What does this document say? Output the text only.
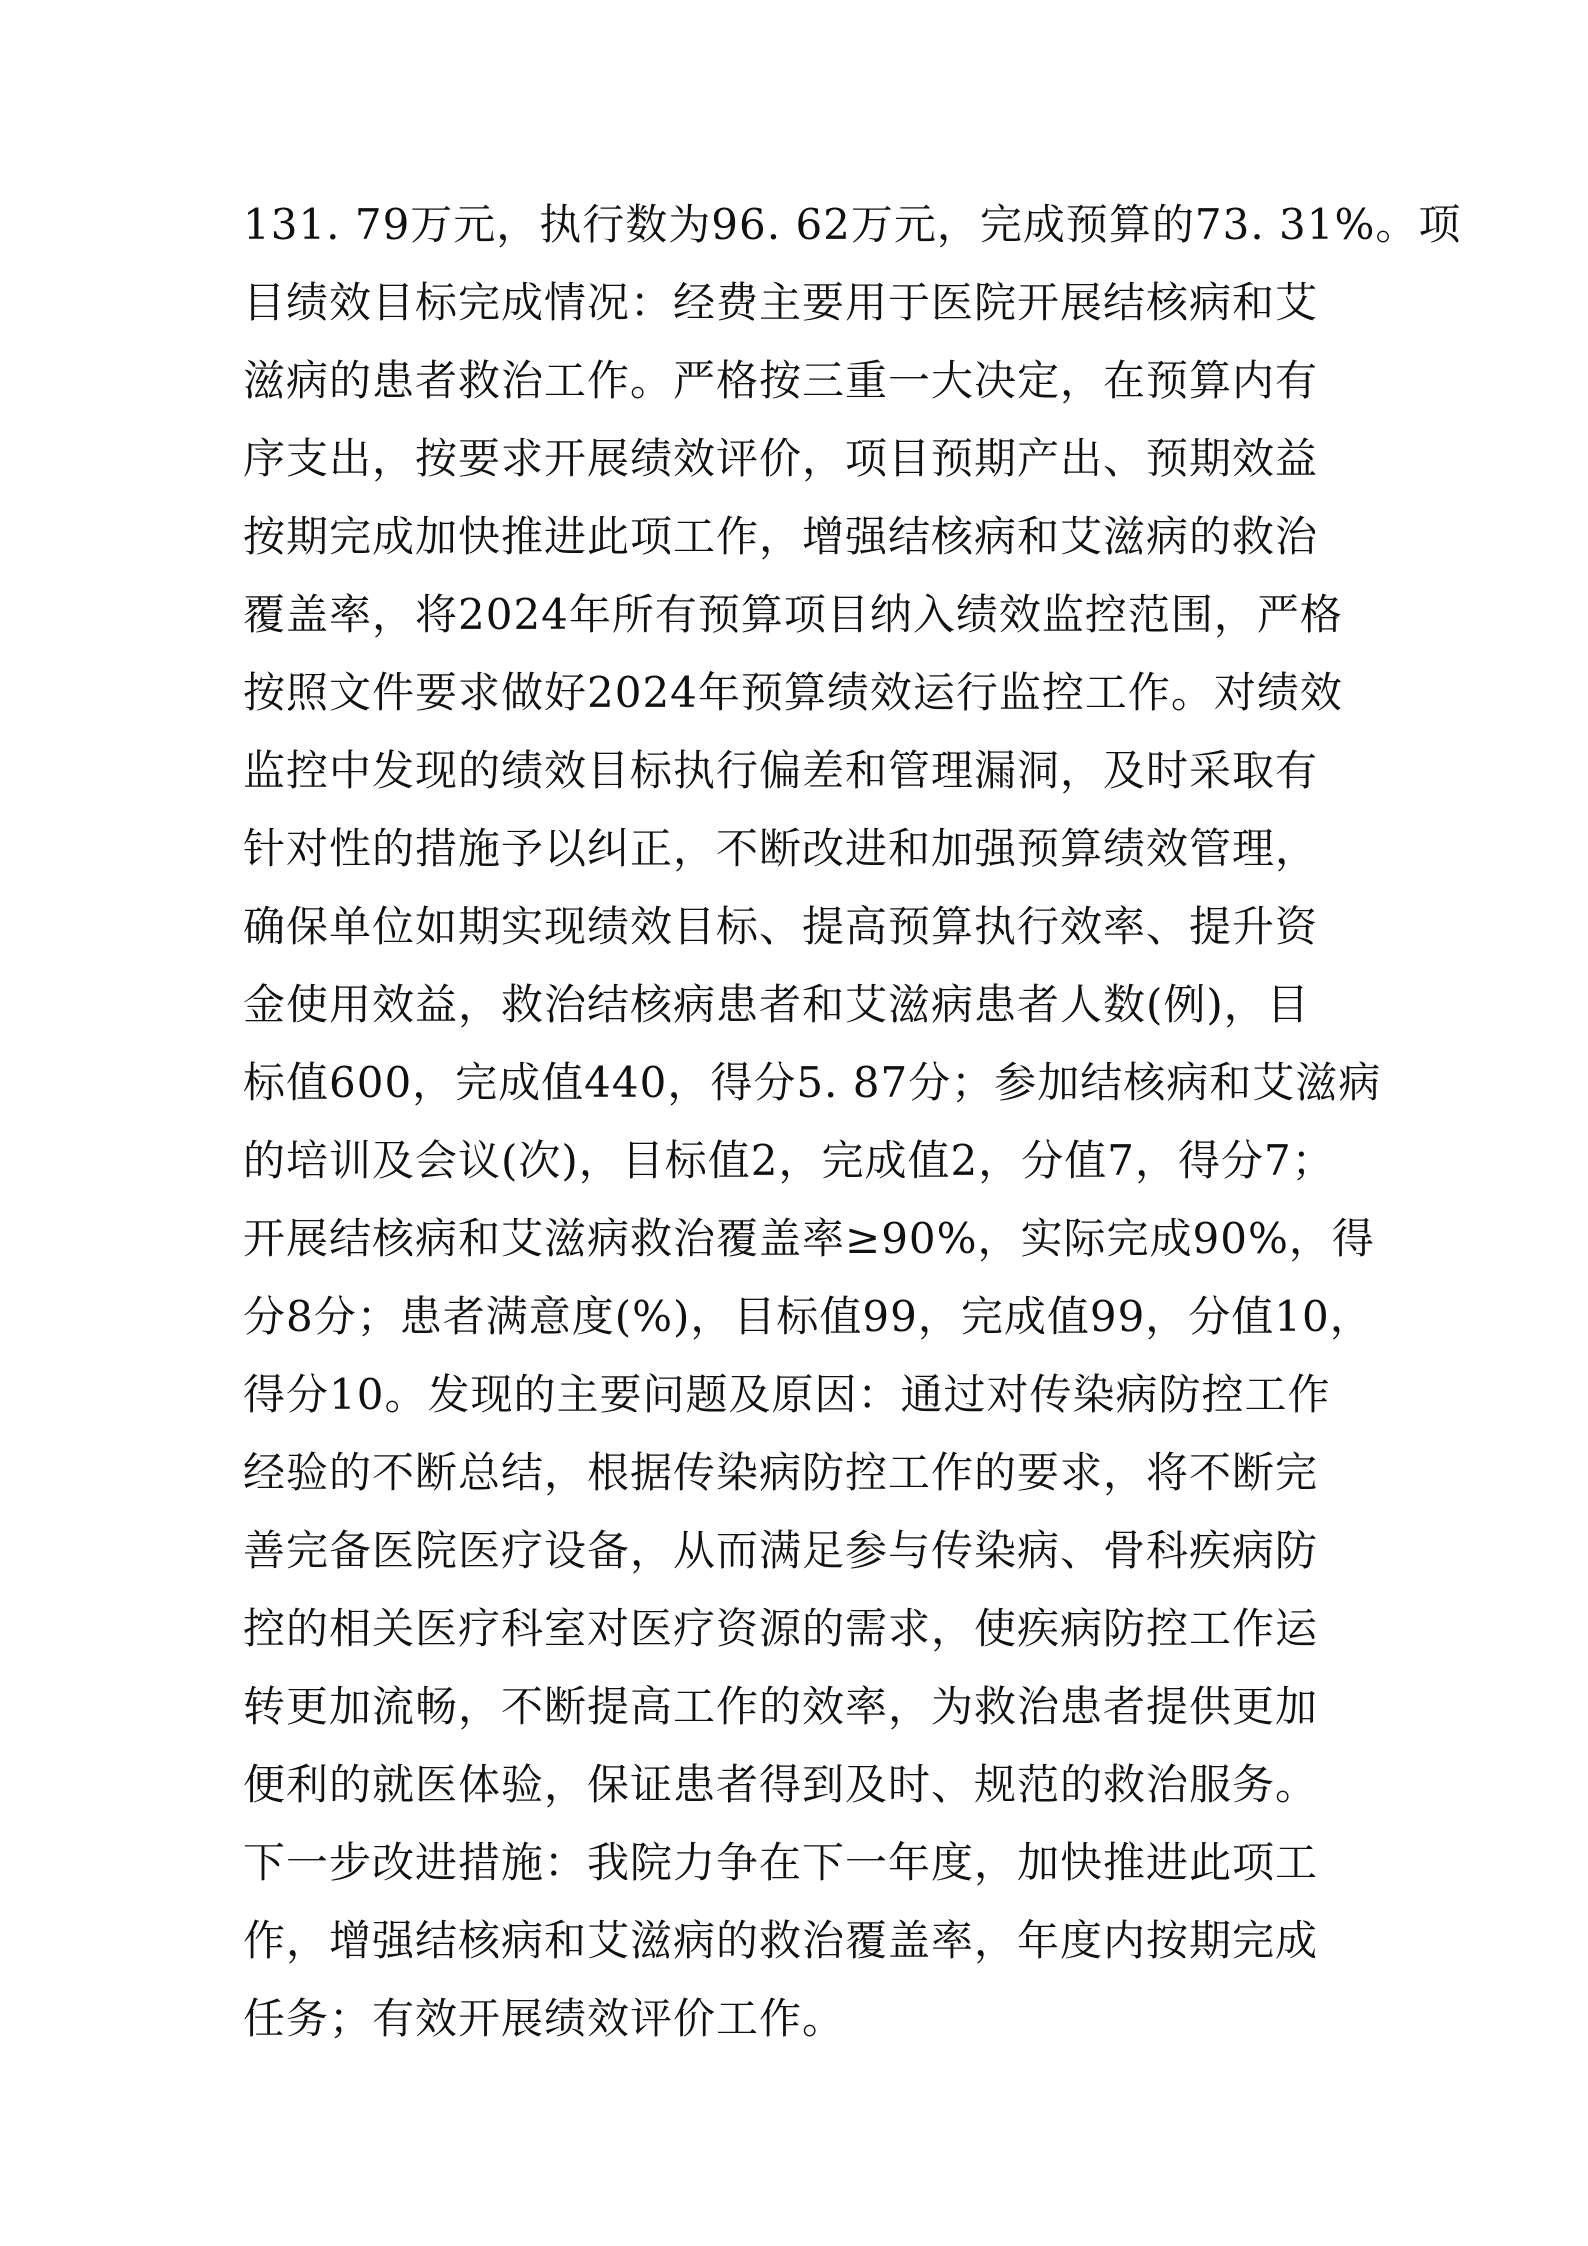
131. 79万元，执行数为96. 62万元，完成预算的73. 31%。项
目绩效目标完成情况：经费主要用于医院开展结核病和艾
滋病的患者救治工作。严格按三重一大决定，在预算内有
序支出，按要求开展绩效评价，项目预期产出、预期效益
按期完成加快推进此项工作，增强结核病和艾滋病的救治
覆盖率，将2024年所有预算项目纳入绩效监控范围，严格
按照文件要求做好2024年预算绩效运行监控工作。对绩效
监控中发现的绩效目标执行偏差和管理漏洞，及时采取有
针对性的措施予以纠正，不断改进和加强预算绩效管理，
确保单位如期实现绩效目标、提高预算执行效率、提升资
金使用效益，救治结核病患者和艾滋病患者人数(例)，目
标值600，完成值440，得分5. 87分；参加结核病和艾滋病
的培训及会议(次)，目标值2，完成值2，分值7，得分7；
开展结核病和艾滋病救治覆盖率≥90%，实际完成90%，得
分8分；患者满意度(%)，目标值99，完成值99，分值10，
得分10。发现的主要问题及原因：通过对传染病防控工作
经验的不断总结，根据传染病防控工作的要求，将不断完
善完备医院医疗设备，从而满足参与传染病、骨科疾病防
控的相关医疗科室对医疗资源的需求，使疾病防控工作运
转更加流畅，不断提高工作的效率，为救治患者提供更加
便利的就医体验，保证患者得到及时、规范的救治服务。
下一步改进措施：我院力争在下一年度，加快推进此项工
作，增强结核病和艾滋病的救治覆盖率，年度内按期完成
任务；有效开展绩效评价工作。
